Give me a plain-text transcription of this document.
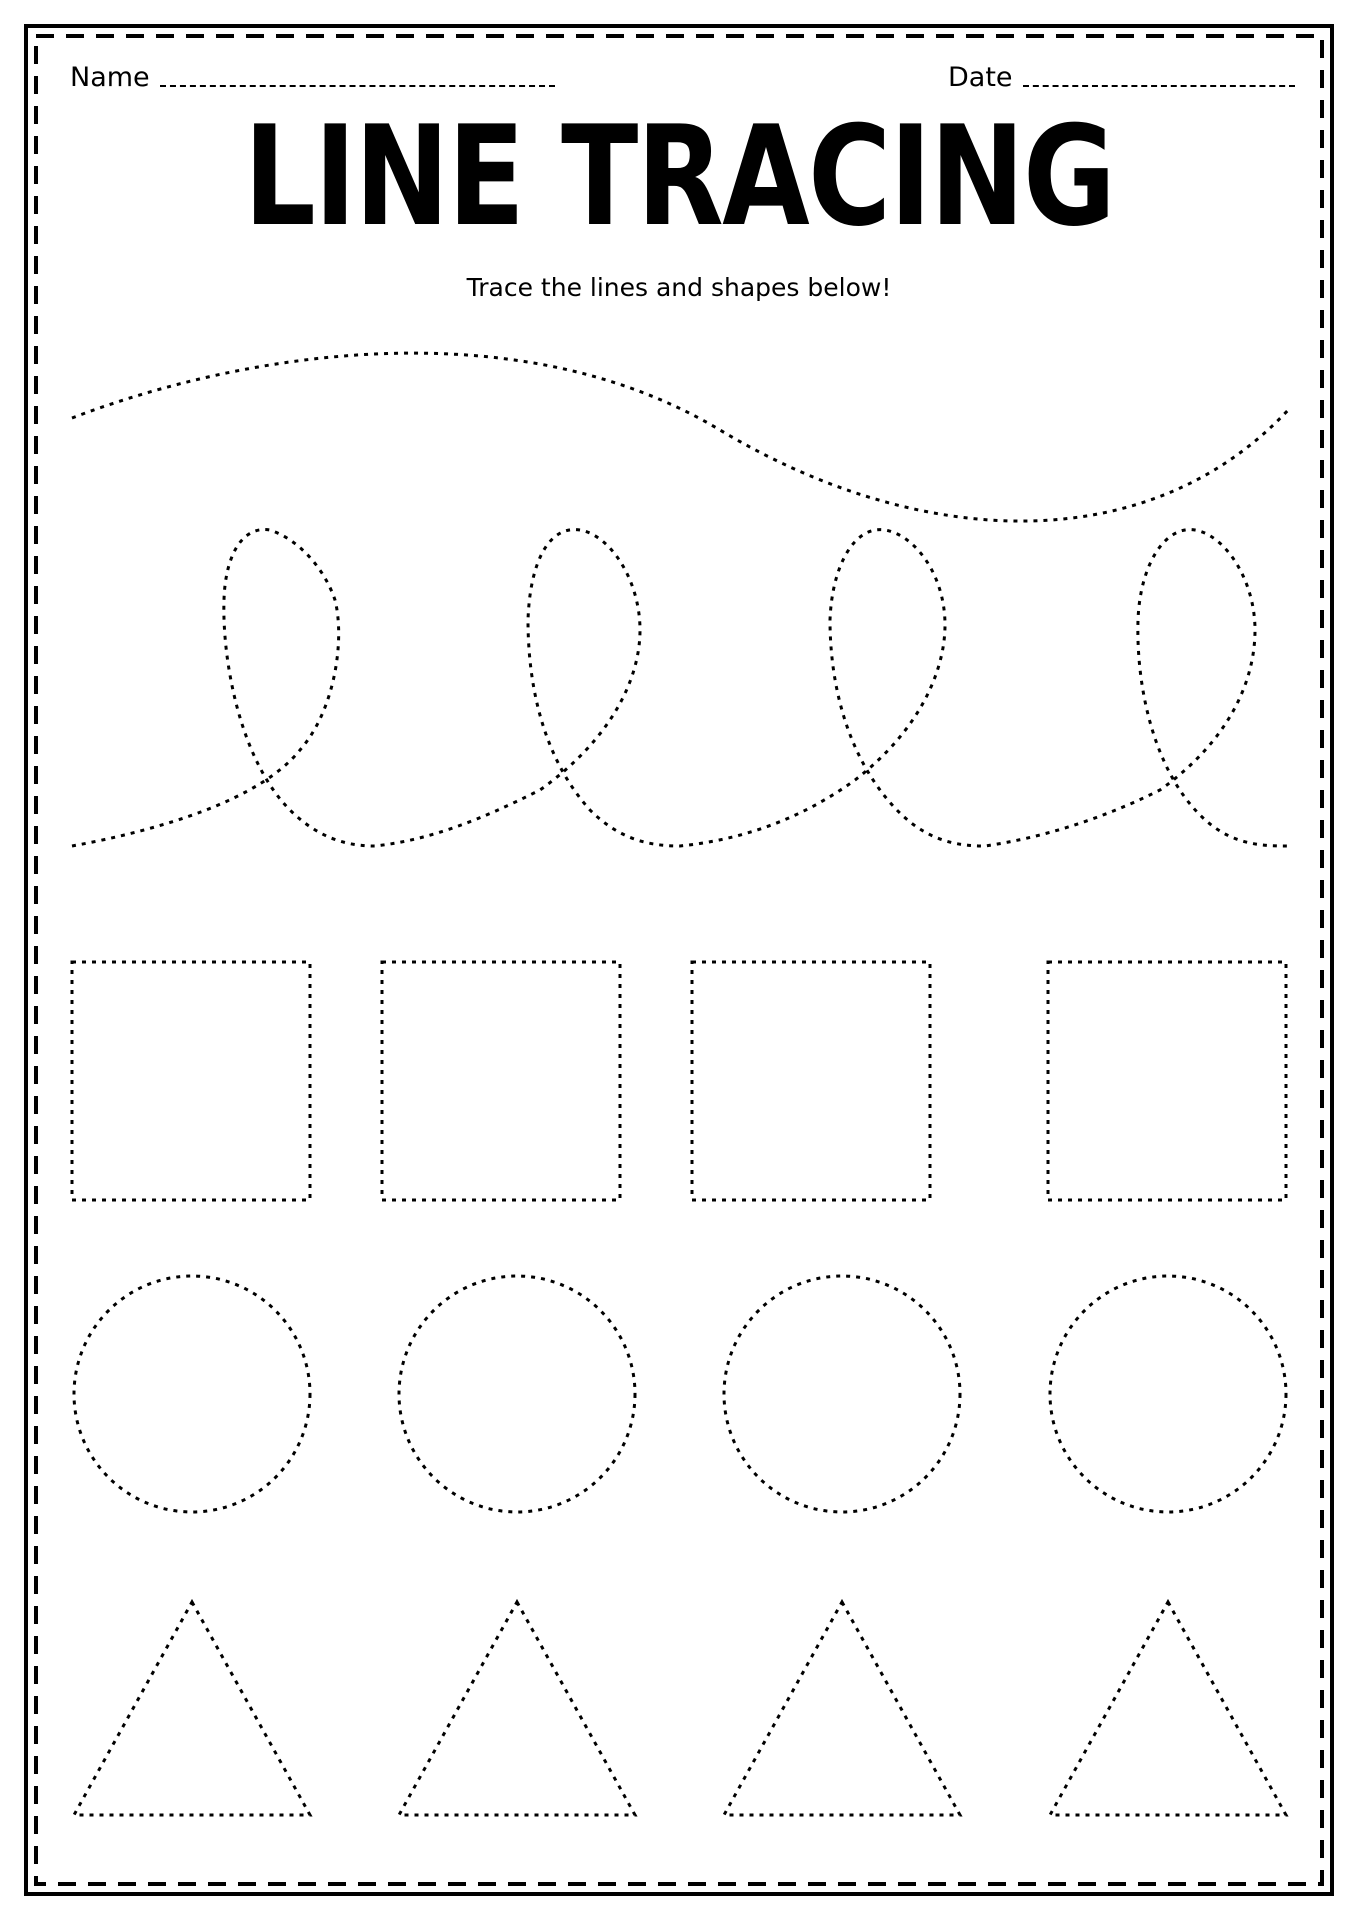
Name	Date
LINE TRACING
Trace the lines and shapes below!
